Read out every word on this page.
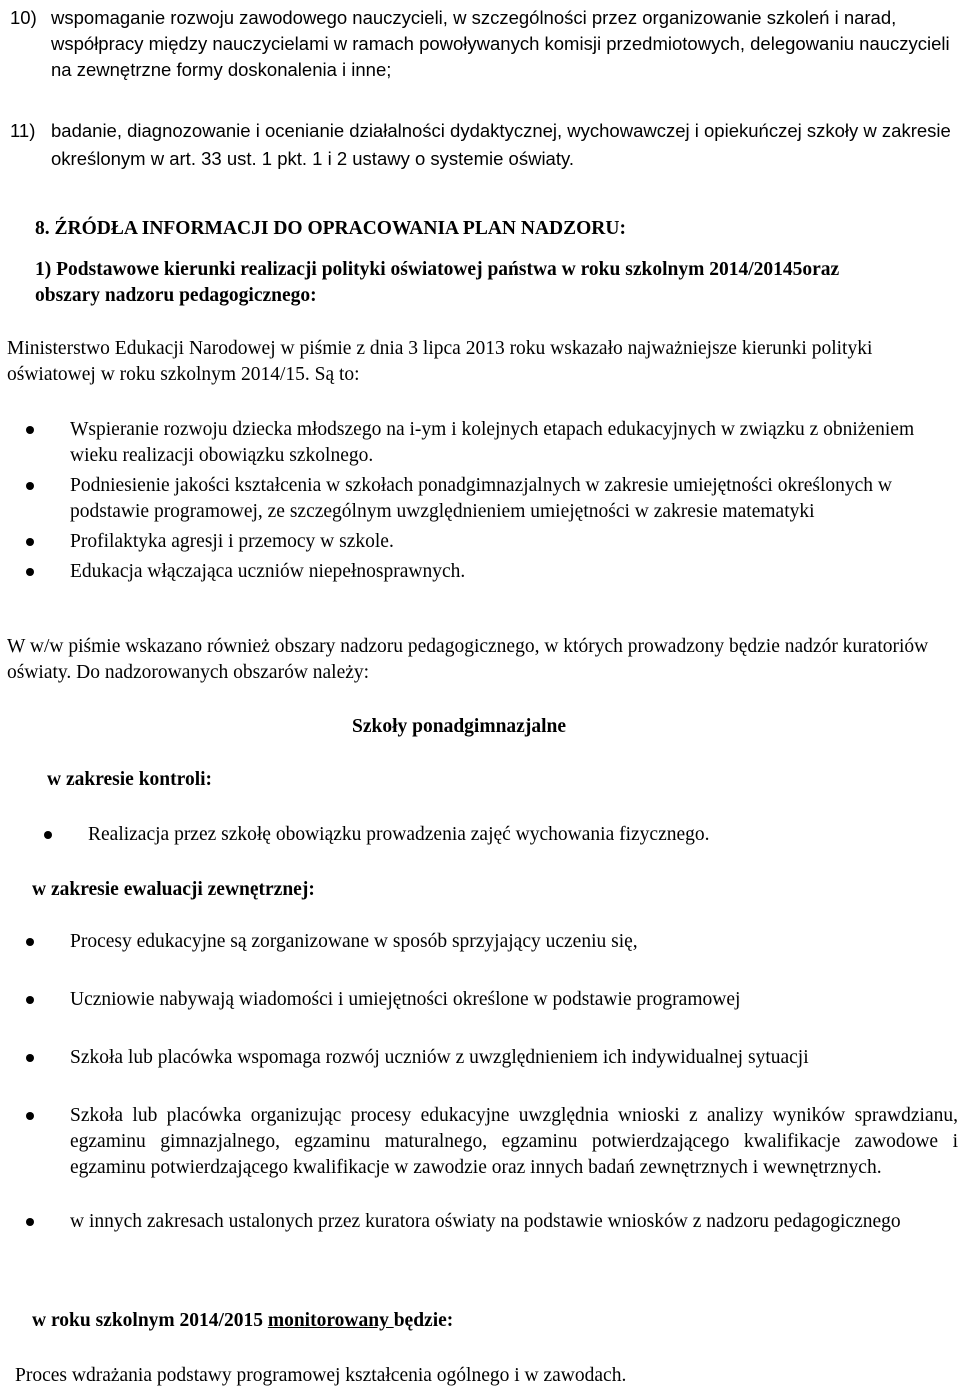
10) wspomaganie rozwoju zawodowego nauczycieli, w szczególności przez organizowanie szkoleń i narad, współpracy między nauczycielami w ramach powoływanych komisji przedmiotowych, delegowaniu nauczycieli na zewnętrzne formy doskonalenia i inne;
11) badanie, diagnozowanie i ocenianie działalności dydaktycznej, wychowawczej i opiekuńczej szkoły w zakresie określonym w art. 33 ust. 1 pkt. 1 i 2 ustawy o systemie oświaty.
8. ŹRÓDŁA INFORMACJI DO OPRACOWANIA PLAN NADZORU:
1) Podstawowe kierunki realizacji polityki oświatowej państwa w roku szkolnym 2014/20145oraz obszary nadzoru pedagogicznego:
Ministerstwo Edukacji Narodowej w piśmie z dnia 3 lipca 2013 roku wskazało najważniejsze kierunki polityki oświatowej w roku szkolnym 2014/15. Są to:
Wspieranie rozwoju dziecka młodszego na i-ym i kolejnych etapach edukacyjnych w związku z obniżeniem wieku realizacji obowiązku szkolnego.
Podniesienie jakości kształcenia w szkołach ponadgimnazjalnych w zakresie umiejętności określonych w podstawie programowej, ze szczególnym uwzględnieniem umiejętności w zakresie matematyki
Profilaktyka agresji i przemocy w szkole.
Edukacja włączająca uczniów niepełnosprawnych.
W w/w piśmie wskazano również obszary nadzoru pedagogicznego, w których prowadzony będzie nadzór kuratoriów oświaty. Do nadzorowanych obszarów należy:
Szkoły ponadgimnazjalne
w zakresie kontroli:
Realizacja przez szkołę obowiązku prowadzenia zajęć wychowania fizycznego.
w zakresie ewaluacji zewnętrznej:
Procesy edukacyjne są zorganizowane w sposób sprzyjający uczeniu się,
Uczniowie nabywają wiadomości i umiejętności określone w podstawie programowej
Szkoła lub placówka wspomaga rozwój uczniów z uwzględnieniem ich indywidualnej sytuacji
Szkoła lub placówka organizując procesy edukacyjne uwzględnia wnioski z analizy wyników sprawdzianu, egzaminu gimnazjalnego, egzaminu maturalnego, egzaminu potwierdzającego kwalifikacje zawodowe i egzaminu potwierdzającego kwalifikacje w zawodzie oraz innych badań zewnętrznych i wewnętrznych.
w innych zakresach ustalonych przez kuratora oświaty na podstawie wniosków z nadzoru pedagogicznego
w roku szkolnym 2014/2015 monitorowany będzie:
Proces wdrażania podstawy programowej kształcenia ogólnego i w zawodach.
